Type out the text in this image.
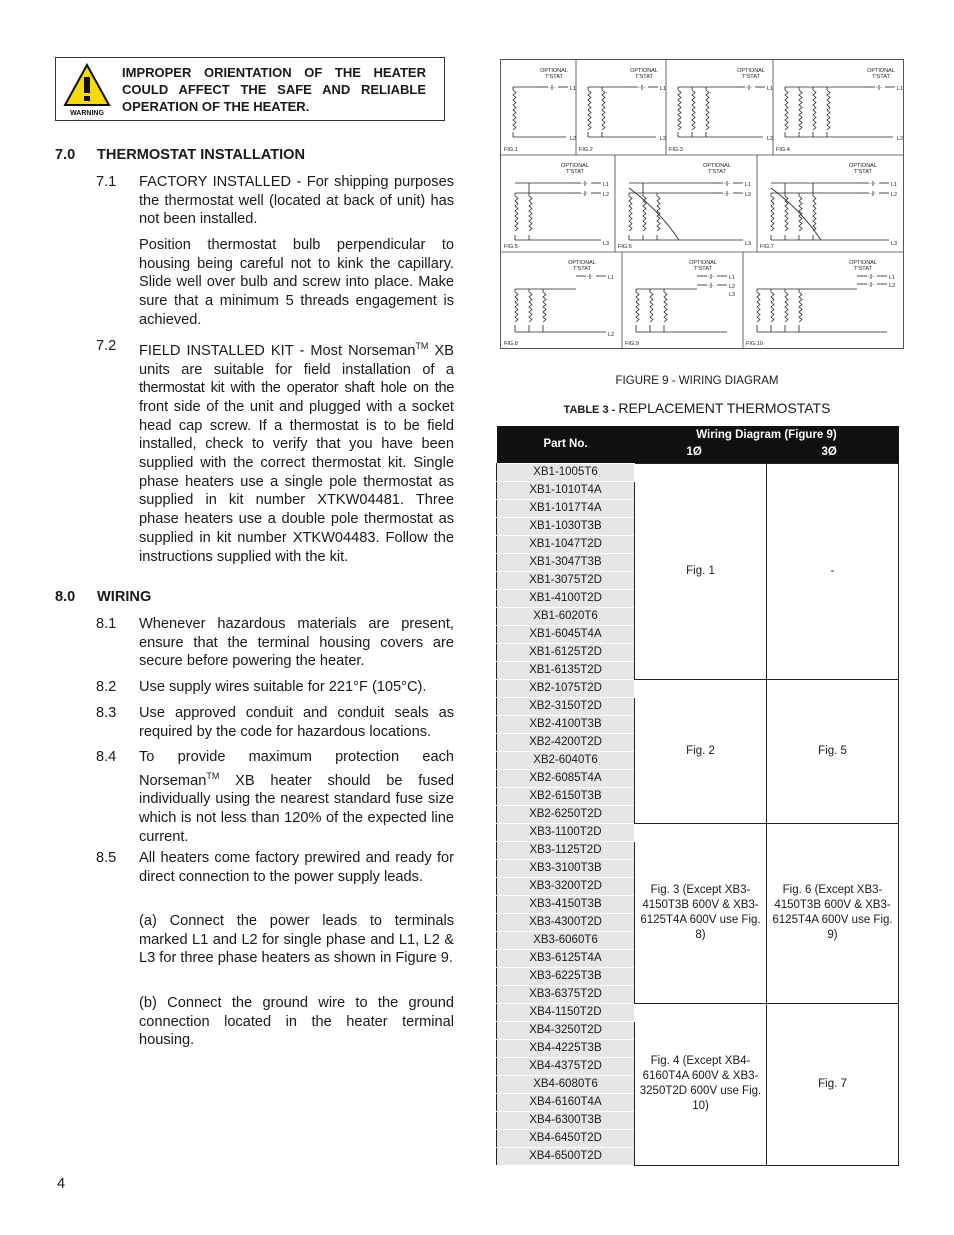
WARNING
IMPROPER ORIENTATION OF THE HEATER COULD AFFECT THE SAFE AND RELIABLE OPERATION OF THE HEATER.
7.0 THERMOSTAT INSTALLATION
7.1 FACTORY INSTALLED - For shipping purposes the thermostat well (located at back of unit) has not been installed.
Position thermostat bulb perpendicular to housing being careful not to kink the capillary. Slide well over bulb and screw into place. Make sure that a minimum 5 threads engagement is achieved.
7.2 FIELD INSTALLED KIT - Most Norseman™ XB units are suitable for field installation of a thermostat kit with the operator shaft hole on the front side of the unit and plugged with a socket head cap screw. If a thermostat is to be field installed, check to verify that you have been supplied with the correct thermostat kit. Single phase heaters use a single pole thermostat as supplied in kit number XTKW04481. Three phase heaters use a double pole thermostat as supplied in kit number XTKW04483. Follow the instructions supplied with the kit.
8.0 WIRING
8.1 Whenever hazardous materials are present, ensure that the terminal housing covers are secure before powering the heater.
8.2 Use supply wires suitable for 221°F (105°C).
8.3 Use approved conduit and conduit seals as required by the code for hazardous locations.
8.4 To provide maximum protection each Norseman™ XB heater should be fused individually using the nearest standard fuse size which is not less than 120% of the expected line current.
8.5 All heaters come factory prewired and ready for direct connection to the power supply leads.
(a) Connect the power leads to terminals marked L1 and L2 for single phase and L1, L2 & L3 for three phase heaters as shown in Figure 9.
(b) Connect the ground wire to the ground connection located in the heater terminal housing.
4
OPTIONAL
T'STAT
-||-	L1
L2
FIG.1
OPTIONAL
T'STAT
-||-	L1
L2
FIG.2
OPTIONAL
T'STAT
-||-	L1
L2
FIG.3
OPTIONAL
T'STAT
-||-	L1
L2
FIG.4
OPTIONAL
T'STAT
-||-	L1
-||-	L2
L3
FIG.5
OPTIONAL
T'STAT
-||-	L1
-||-	L2
L3
FIG.6
OPTIONAL
T'STAT
-||-	L1
-||-	L2
L3
FIG.7
OPTIONAL
T'STAT
-||-	L1
L2
FIG.8
OPTIONAL
T'STAT
-||-	L1
-||-	L2
L3
FIG.9
OPTIONAL
T'STAT
-||-	L1
-||-	L2
FIG.10
FIGURE 9 - WIRING DIAGRAM
TABLE 3 - REPLACEMENT THERMOSTATS
Part No.	Wiring Diagram (Figure 9)
1Ø 3Ø	

XB1-1005T6	Fig. 1	-
XB1-1010T4A		
XB1-1017T4A		
XB1-1030T3B		
XB1-1047T2D		
XB1-3047T3B		
XB1-3075T2D		
XB1-4100T2D		
XB1-6020T6		
XB1-6045T4A		
XB1-6125T2D		
XB1-6135T2D		
XB2-1075T2D	Fig. 2	Fig. 5
XB2-3150T2D		
XB2-4100T3B		
XB2-4200T2D		
XB2-6040T6		
XB2-6085T4A		
XB2-6150T3B		
XB2-6250T2D		
XB3-1100T2D	Fig. 3 (Except XB3-4150T3B 600V & XB3-6125T4A 600V use Fig. 8)	Fig. 6 (Except XB3-4150T3B 600V & XB3-6125T4A 600V use Fig. 9)
XB3-1125T2D		
XB3-3100T3B		
XB3-3200T2D		
XB3-4150T3B		
XB3-4300T2D		
XB3-6060T6		
XB3-6125T4A		
XB3-6225T3B		
XB3-6375T2D		
XB4-1150T2D	Fig. 4 (Except XB4-6160T4A 600V & XB3-3250T2D 600V use Fig. 10)	Fig. 7
XB4-3250T2D		
XB4-4225T3B		
XB4-4375T2D		
XB4-6080T6		
XB4-6160T4A		
XB4-6300T3B		
XB4-6450T2D		
XB4-6500T2D		
